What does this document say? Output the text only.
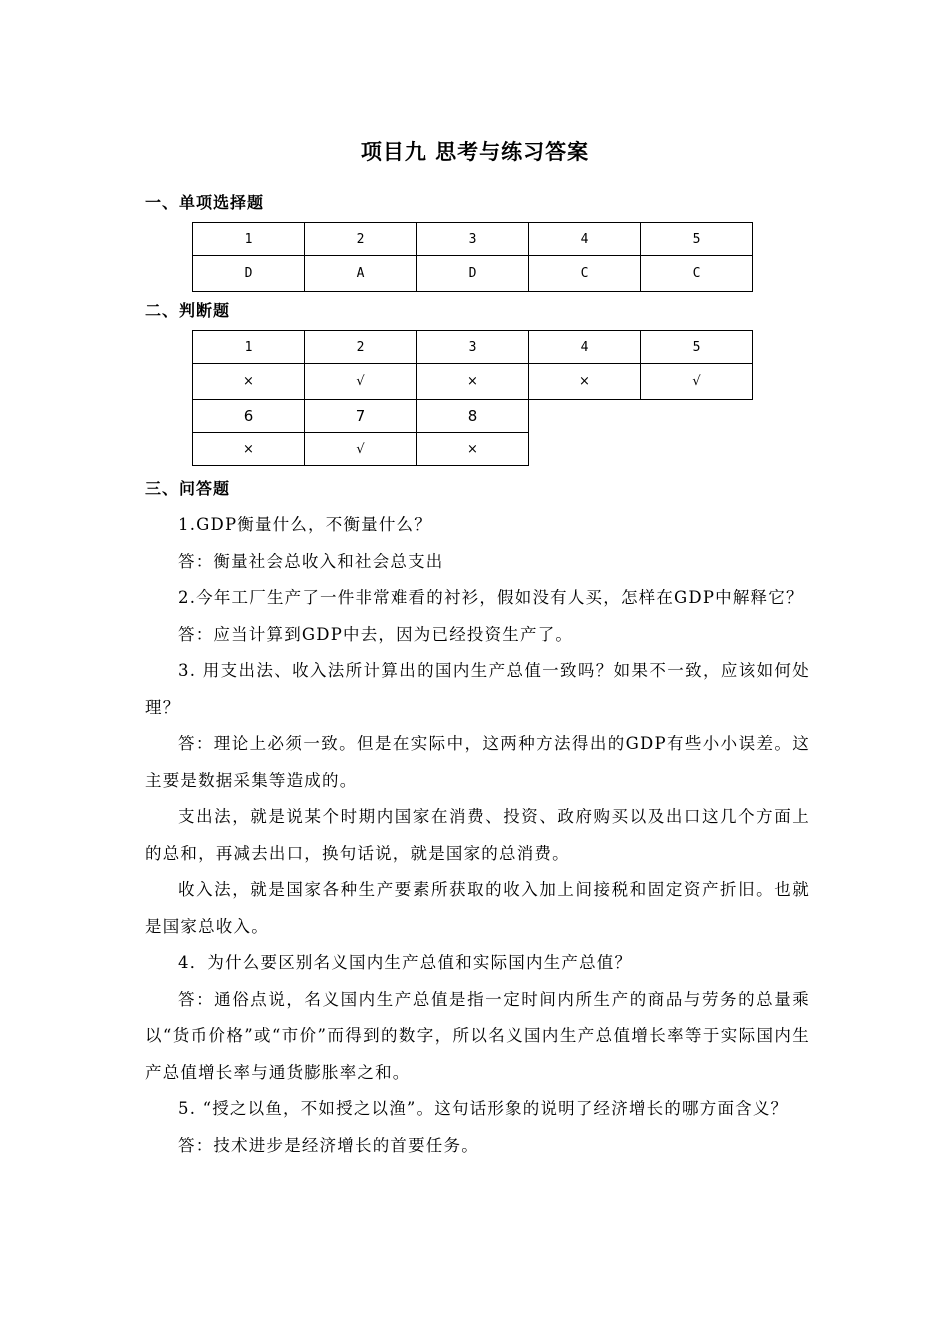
项目九 思考与练习答案
一、单项选择题
1	2	3	4	5
D	A	D	C	C
二、判断题
1	2	3	4	5
×	√	×	×	√
6	7	8		
×	√	×		
三、问答题

1.GDP衡量什么，不衡量什么？

答：衡量社会总收入和社会总支出

2.今年工厂生产了一件非常难看的衬衫，假如没有人买，怎样在GDP中解释它？

答：应当计算到GDP中去，因为已经投资生产了。

3. 用支出法、收入法所计算出的国内生产总值一致吗？如果不一致，应该如何处理？

答：理论上必须一致。但是在实际中，这两种方法得出的GDP有些小小误差。这主要是数据采集等造成的。

支出法，就是说某个时期内国家在消费、投资、政府购买以及出口这几个方面上的总和，再减去出口，换句话说，就是国家的总消费。

收入法，就是国家各种生产要素所获取的收入加上间接税和固定资产折旧。也就是国家总收入。

4．为什么要区别名义国内生产总值和实际国内生产总值？

答：通俗点说，名义国内生产总值是指一定时间内所生产的商品与劳务的总量乘以“货币价格”或“市价”而得到的数字，所以名义国内生产总值增长率等于实际国内生产总值增长率与通货膨胀率之和。

5. “授之以鱼，不如授之以渔”。这句话形象的说明了经济增长的哪方面含义？

答：技术进步是经济增长的首要任务。
